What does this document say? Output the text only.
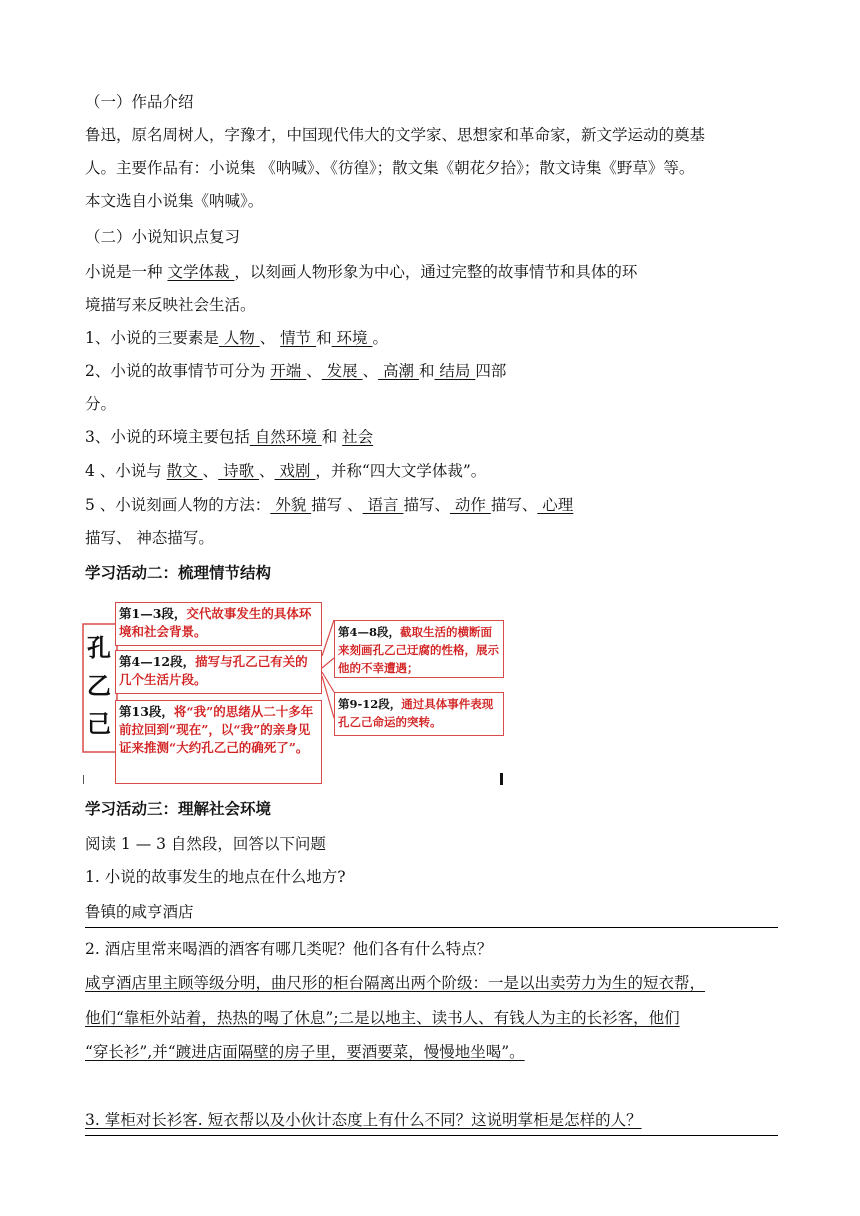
（一）作品介绍
鲁迅，原名周树人，字豫才，中国现代伟大的文学家、思想家和革命家，新文学运动的奠基
人。主要作品有：小说集 《呐喊》、《彷徨》；散文集《朝花夕拾》；散文诗集《野草》等。
本文选自小说集《呐喊》。
（二）小说知识点复习
小说是一种 文学体裁 ，以刻画人物形象为中心，通过完整的故事情节和具体的环
境描写来反映社会生活。
1、小说的三要素是 人物 、 情节 和 环境 。
2、小说的故事情节可分为 开端 、 发展 、 高潮 和 结局 四部
分。
3、小说的环境主要包括 自然环境 和 社会
4 、小说与 散文 、 诗歌 、 戏剧 ，并称“四大文学体裁”。
5 、小说刻画人物的方法： 外貌 描写 、 语言 描写、 动作 描写、 心理
描写、 神态描写。
学习活动二：梳理情节结构
孔
乙
己
第1—3段，交代故事发生的具体环境和社会背景。
第4—12段，描写与孔乙己有关的几个生活片段。
第13段，将“我”的思绪从二十多年前拉回到“现在”，以“我”的亲身见证来推测“大约孔乙己的确死了”。
第4—8段，截取生活的横断面来刻画孔乙己迂腐的性格，展示他的不幸遭遇；
第9-12段，通过具体事件表现孔乙己命运的突转。
学习活动三：理解社会环境
阅读 1 — 3 自然段，回答以下问题
1. 小说的故事发生的地点在什么地方?
鲁镇的咸亨酒店
2. 酒店里常来喝酒的酒客有哪几类呢？他们各有什么特点？
咸亨酒店里主顾等级分明，曲尺形的柜台隔离出两个阶级：一是以出卖劳力为生的短衣帮，
他们“靠柜外站着，热热的喝了休息”;二是以地主、读书人、有钱人为主的长衫客，他们
“穿长衫”,并“踱进店面隔壁的房子里，要酒要菜，慢慢地坐喝”。
3. 掌柜对长衫客. 短衣帮以及小伙计态度上有什么不同？这说明掌柜是怎样的人？
